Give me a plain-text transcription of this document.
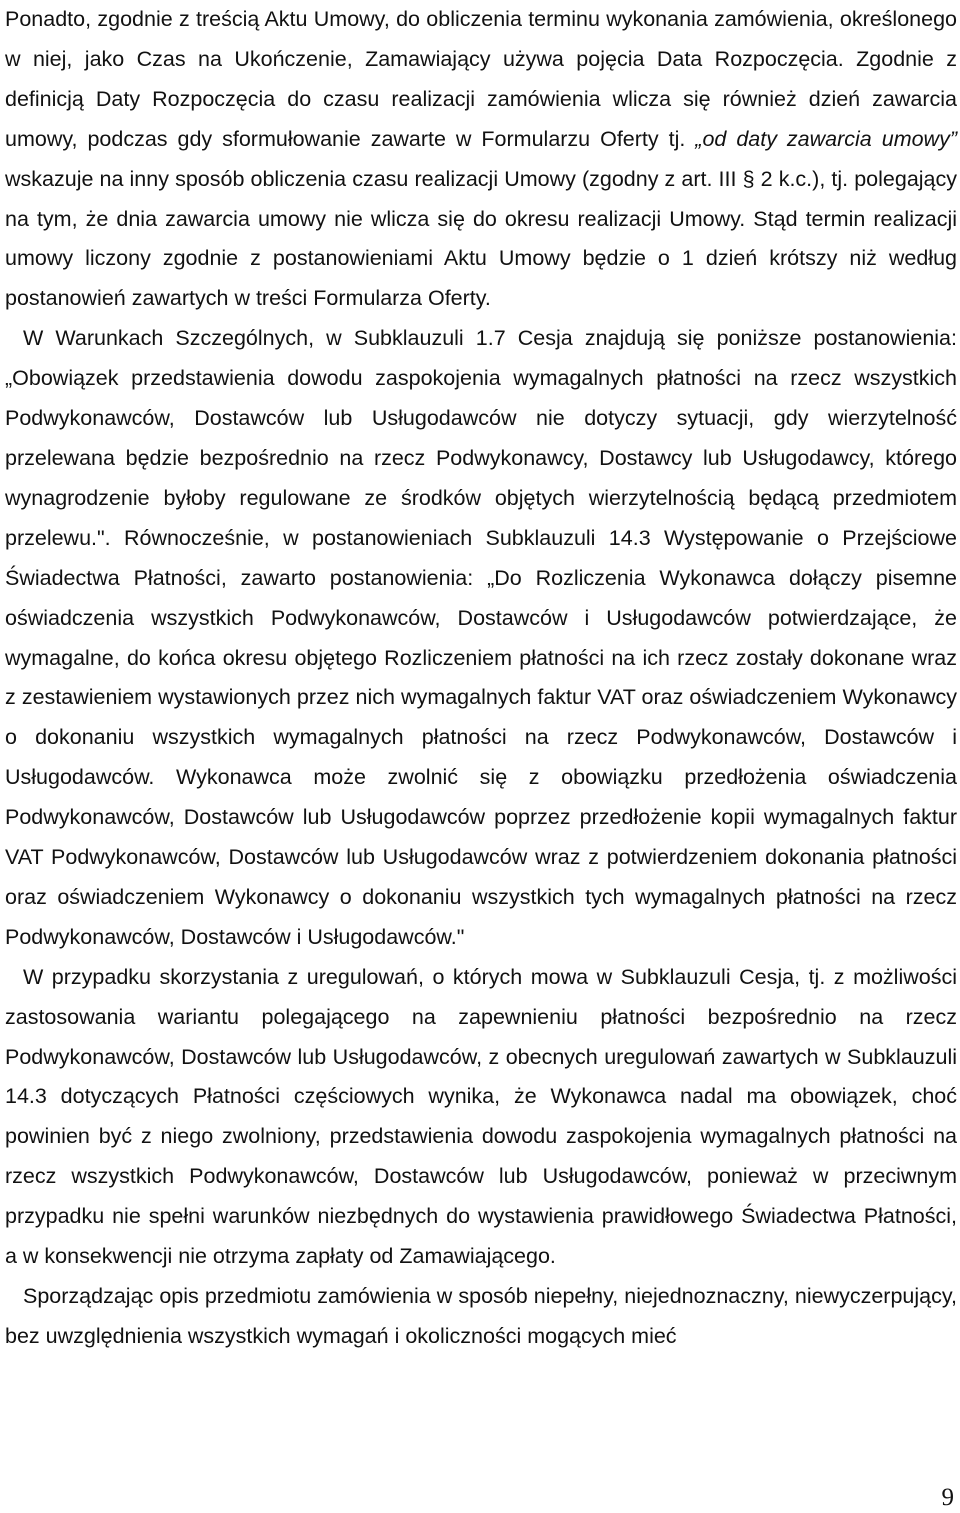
Ponadto, zgodnie z treścią Aktu Umowy, do obliczenia terminu wykonania zamówienia, określonego w niej, jako Czas na Ukończenie, Zamawiający używa pojęcia Data Rozpoczęcia. Zgodnie z definicją Daty Rozpoczęcia do czasu realizacji zamówienia wlicza się również dzień zawarcia umowy, podczas gdy sformułowanie zawarte w Formularzu Oferty tj. „od daty zawarcia umowy” wskazuje na inny sposób obliczenia czasu realizacji Umowy (zgodny z art. III § 2 k.c.), tj. polegający na tym, że dnia zawarcia umowy nie wlicza się do okresu realizacji Umowy. Stąd termin realizacji umowy liczony zgodnie z postanowieniami Aktu Umowy będzie o 1 dzień krótszy niż według postanowień zawartych w treści Formularza Oferty.

W Warunkach Szczególnych, w Subklauzuli 1.7 Cesja znajdują się poniższe postanowienia: „Obowiązek przedstawienia dowodu zaspokojenia wymagalnych płatności na rzecz wszystkich Podwykonawców, Dostawców lub Usługodawców nie dotyczy sytuacji, gdy wierzytelność przelewana będzie bezpośrednio na rzecz Podwykonawcy, Dostawcy lub Usługodawcy, którego wynagrodzenie byłoby regulowane ze środków objętych wierzytelnością będącą przedmiotem przelewu.". Równocześnie, w postanowieniach Subklauzuli 14.3 Występowanie o Przejściowe Świadectwa Płatności, zawarto postanowienia: „Do Rozliczenia Wykonawca dołączy pisemne oświadczenia wszystkich Podwykonawców, Dostawców i Usługodawców potwierdzające, że wymagalne, do końca okresu objętego Rozliczeniem płatności na ich rzecz zostały dokonane wraz z zestawieniem wystawionych przez nich wymagalnych faktur VAT oraz oświadczeniem Wykonawcy o dokonaniu wszystkich wymagalnych płatności na rzecz Podwykonawców, Dostawców i Usługodawców. Wykonawca może zwolnić się z obowiązku przedłożenia oświadczenia Podwykonawców, Dostawców lub Usługodawców poprzez przedłożenie kopii wymagalnych faktur VAT Podwykonawców, Dostawców lub Usługodawców wraz z potwierdzeniem dokonania płatności oraz oświadczeniem Wykonawcy o dokonaniu wszystkich tych wymagalnych płatności na rzecz Podwykonawców, Dostawców i Usługodawców."

W przypadku skorzystania z uregulowań, o których mowa w Subklauzuli Cesja, tj. z możliwości zastosowania wariantu polegającego na zapewnieniu płatności bezpośrednio na rzecz Podwykonawców, Dostawców lub Usługodawców, z obecnych uregulowań zawartych w Subklauzuli 14.3 dotyczących Płatności częściowych wynika, że Wykonawca nadal ma obowiązek, choć powinien być z niego zwolniony, przedstawienia dowodu zaspokojenia wymagalnych płatności na rzecz wszystkich Podwykonawców, Dostawców lub Usługodawców, ponieważ w przeciwnym przypadku nie spełni warunków niezbędnych do wystawienia prawidłowego Świadectwa Płatności, a w konsekwencji nie otrzyma zapłaty od Zamawiającego.

Sporządzając opis przedmiotu zamówienia w sposób niepełny, niejednoznaczny, niewyczerpujący, bez uwzględnienia wszystkich wymagań i okoliczności mogących mieć

9
